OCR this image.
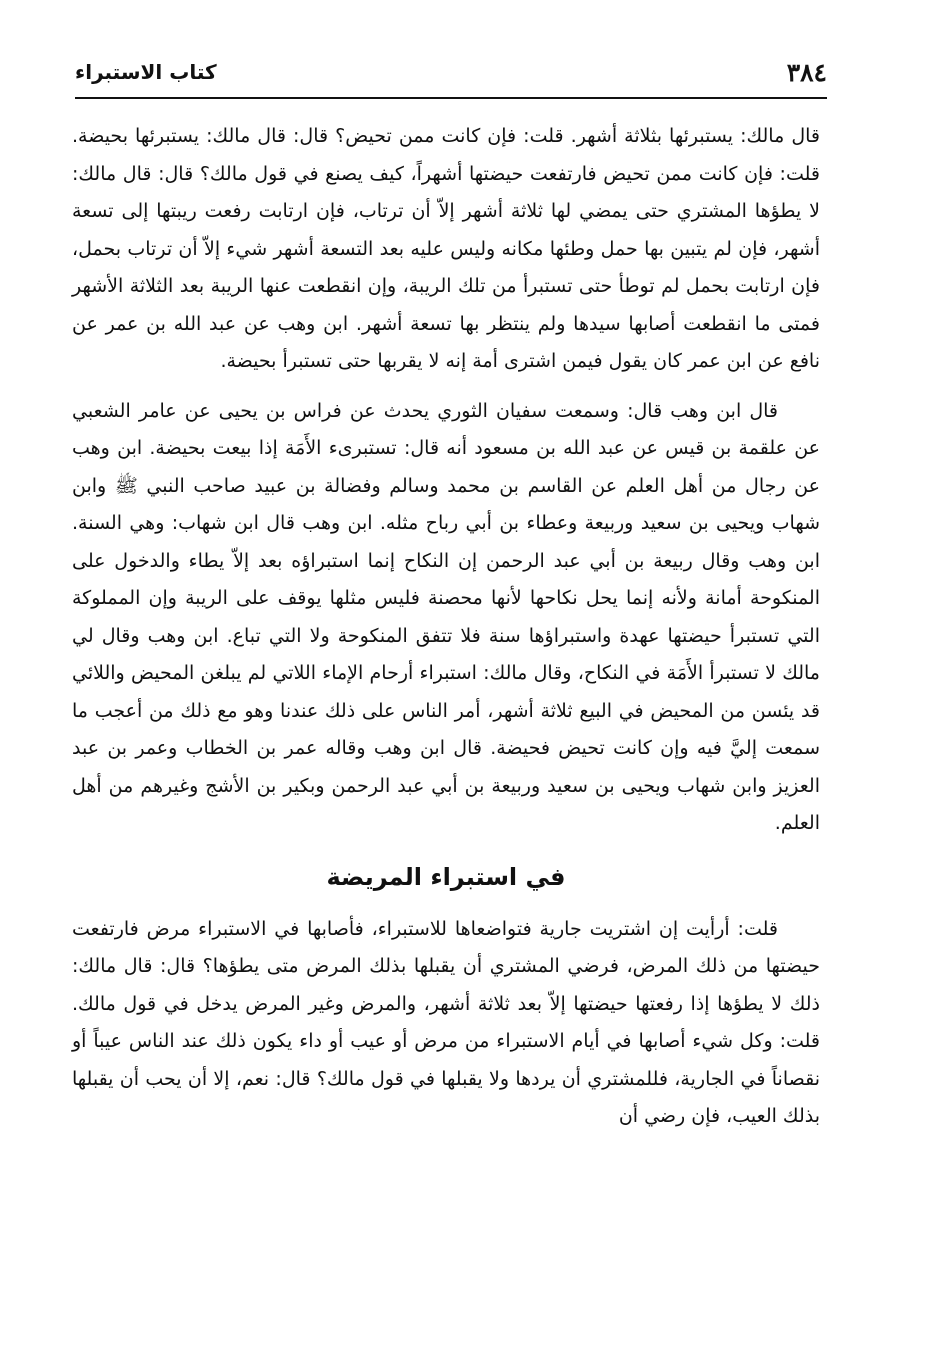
٣٨٤
كتاب الاستبراء

قال مالك: يستبرئها بثلاثة أشهر. قلت: فإن كانت ممن تحيض؟ قال: قال مالك: يستبرئها بحيضة. قلت: فإن كانت ممن تحيض فارتفعت حيضتها أشهراً، كيف يصنع في قول مالك؟ قال: قال مالك: لا يطؤها المشتري حتى يمضي لها ثلاثة أشهر إلاّ أن ترتاب، فإن ارتابت رفعت ريبتها إلى تسعة أشهر، فإن لم يتبين بها حمل وطئها مكانه وليس عليه بعد التسعة أشهر شيء إلاّ أن ترتاب بحمل، فإن ارتابت بحمل لم توطأ حتى تستبرأ من تلك الريبة، وإن انقطعت عنها الريبة بعد الثلاثة الأشهر فمتى ما انقطعت أصابها سيدها ولم ينتظر بها تسعة أشهر. ابن وهب عن عبد الله بن عمر عن نافع عن ابن عمر كان يقول فيمن اشترى أمة إنه لا يقربها حتى تستبرأ بحيضة.

قال ابن وهب قال: وسمعت سفيان الثوري يحدث عن فراس بن يحيى عن عامر الشعبي عن علقمة بن قيس عن عبد الله بن مسعود أنه قال: تستبرىء الأَمَة إذا بيعت بحيضة. ابن وهب عن رجال من أهل العلم عن القاسم بن محمد وسالم وفضالة بن عبيد صاحب النبي ﷺ وابن شهاب ويحيى بن سعيد وربيعة وعطاء بن أبي رباح مثله. ابن وهب قال ابن شهاب: وهي السنة. ابن وهب وقال ربيعة بن أبي عبد الرحمن إن النكاح إنما استبراؤه بعد إلاّ يطاء والدخول على المنكوحة أمانة ولأنه إنما يحل نكاحها لأنها محصنة فليس مثلها يوقف على الريبة وإن المملوكة التي تستبرأ حيضتها عهدة واستبراؤها سنة فلا تتفق المنكوحة ولا التي تباع. ابن وهب وقال لي مالك لا تستبرأ الأَمَة في النكاح، وقال مالك: استبراء أرحام الإماء اللاتي لم يبلغن المحيض واللائي قد يئسن من المحيض في البيع ثلاثة أشهر، أمر الناس على ذلك عندنا وهو مع ذلك من أعجب ما سمعت إليَّ فيه وإن كانت تحيض فحيضة. قال ابن وهب وقاله عمر بن الخطاب وعمر بن عبد العزيز وابن شهاب ويحيى بن سعيد وربيعة بن أبي عبد الرحمن وبكير بن الأشج وغيرهم من أهل العلم.

في استبراء المريضة

قلت: أرأيت إن اشتريت جارية فتواضعاها للاستبراء، فأصابها في الاستبراء مرض فارتفعت حيضتها من ذلك المرض، فرضي المشتري أن يقبلها بذلك المرض متى يطؤها؟ قال: قال مالك: ذلك لا يطؤها إذا رفعتها حيضتها إلاّ بعد ثلاثة أشهر، والمرض وغير المرض يدخل في قول مالك. قلت: وكل شيء أصابها في أيام الاستبراء من مرض أو عيب أو داء يكون ذلك عند الناس عيباً أو نقصاناً في الجارية، فللمشتري أن يردها ولا يقبلها في قول مالك؟ قال: نعم، إلا أن يحب أن يقبلها بذلك العيب، فإن رضي أن
